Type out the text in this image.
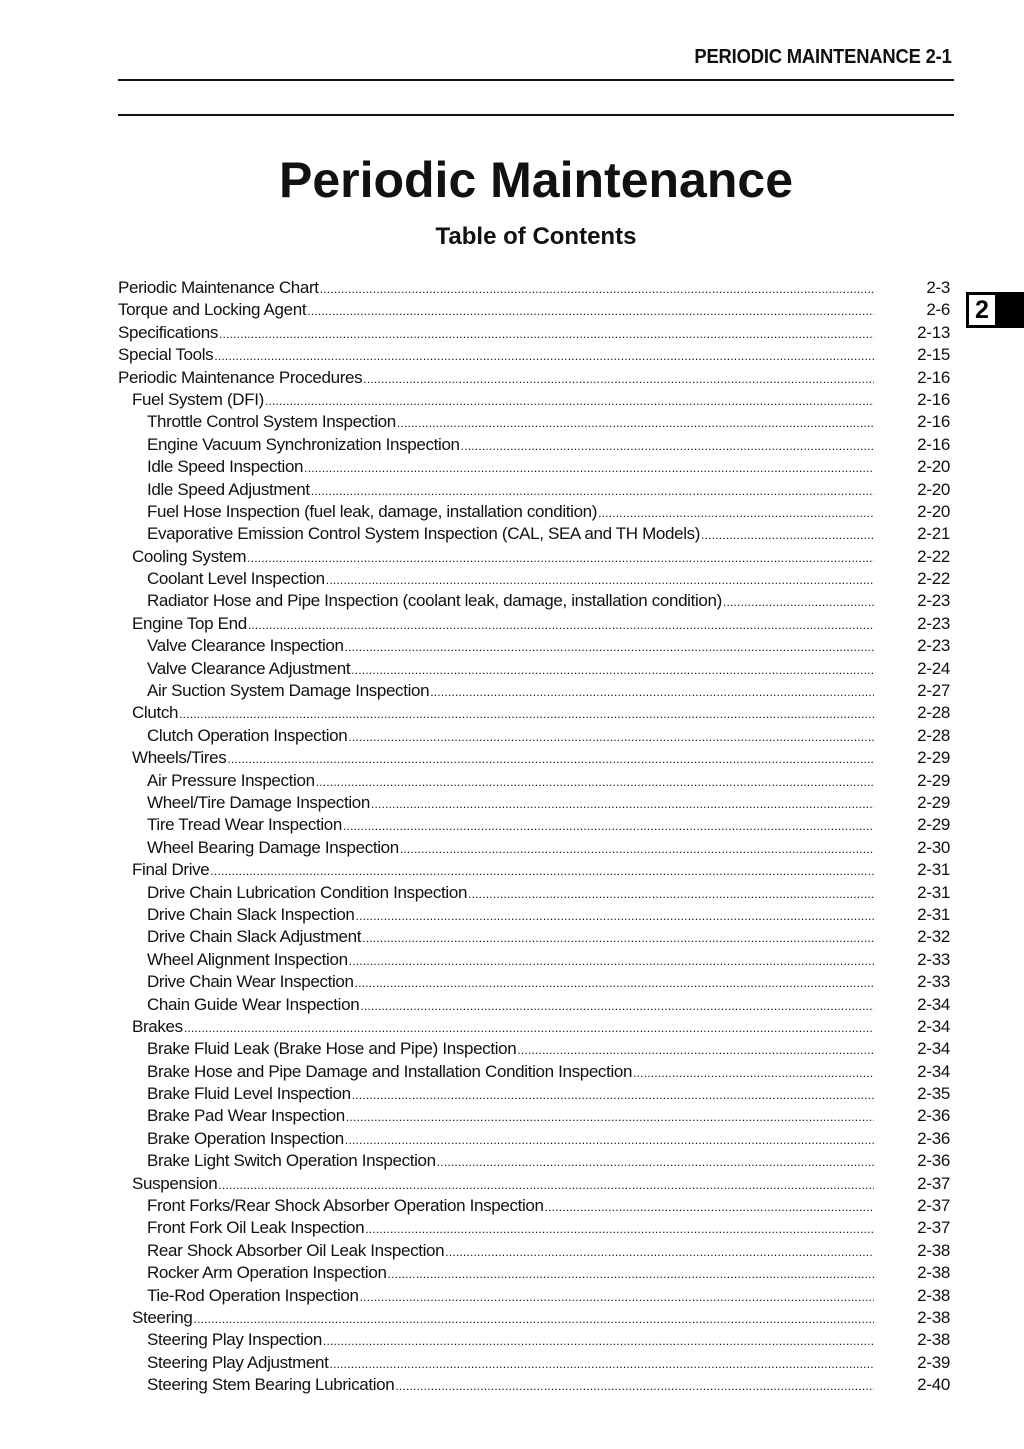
PERIODIC MAINTENANCE 2-1
Periodic Maintenance
Table of Contents
2
Periodic Maintenance Chart .....	2-3
Torque and Locking Agent .....	2-6
Specifications .....	2-13
Special Tools .....	2-15
Periodic Maintenance Procedures .....	2-16
Fuel System (DFI) .....	2-16
Throttle Control System Inspection .....	2-16
Engine Vacuum Synchronization Inspection .....	2-16
Idle Speed Inspection .....	2-20
Idle Speed Adjustment .....	2-20
Fuel Hose Inspection (fuel leak, damage, installation condition) .....	2-20
Evaporative Emission Control System Inspection (CAL, SEA and TH Models) .....	2-21
Cooling System .....	2-22
Coolant Level Inspection .....	2-22
Radiator Hose and Pipe Inspection (coolant leak, damage, installation condition) .....	2-23
Engine Top End .....	2-23
Valve Clearance Inspection .....	2-23
Valve Clearance Adjustment .....	2-24
Air Suction System Damage Inspection .....	2-27
Clutch .....	2-28
Clutch Operation Inspection .....	2-28
Wheels/Tires .....	2-29
Air Pressure Inspection .....	2-29
Wheel/Tire Damage Inspection .....	2-29
Tire Tread Wear Inspection .....	2-29
Wheel Bearing Damage Inspection .....	2-30
Final Drive .....	2-31
Drive Chain Lubrication Condition Inspection .....	2-31
Drive Chain Slack Inspection .....	2-31
Drive Chain Slack Adjustment .....	2-32
Wheel Alignment Inspection .....	2-33
Drive Chain Wear Inspection .....	2-33
Chain Guide Wear Inspection .....	2-34
Brakes .....	2-34
Brake Fluid Leak (Brake Hose and Pipe) Inspection .....	2-34
Brake Hose and Pipe Damage and Installation Condition Inspection .....	2-34
Brake Fluid Level Inspection .....	2-35
Brake Pad Wear Inspection .....	2-36
Brake Operation Inspection .....	2-36
Brake Light Switch Operation Inspection .....	2-36
Suspension .....	2-37
Front Forks/Rear Shock Absorber Operation Inspection .....	2-37
Front Fork Oil Leak Inspection .....	2-37
Rear Shock Absorber Oil Leak Inspection .....	2-38
Rocker Arm Operation Inspection .....	2-38
Tie-Rod Operation Inspection .....	2-38
Steering .....	2-38
Steering Play Inspection .....	2-38
Steering Play Adjustment .....	2-39
Steering Stem Bearing Lubrication .....	2-40
